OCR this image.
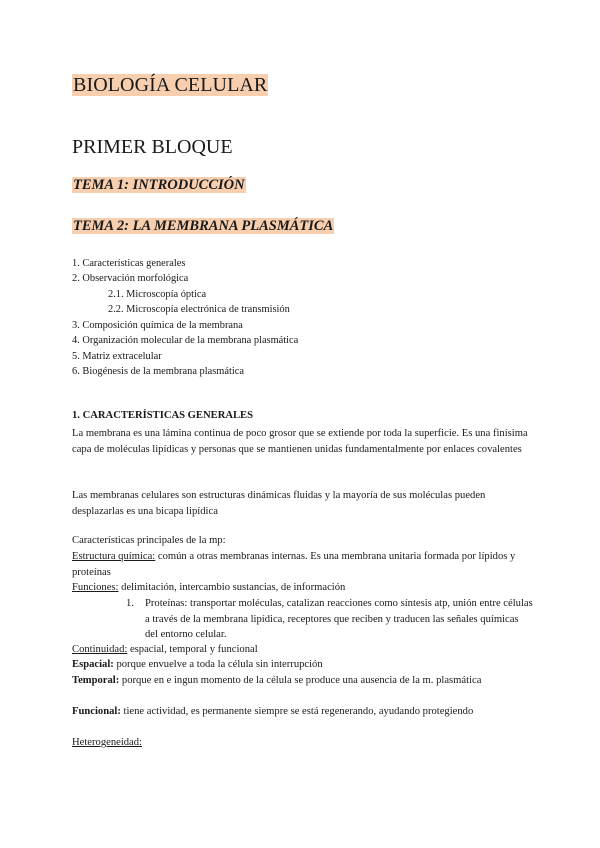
BIOLOGÍA CELULAR
PRIMER BLOQUE
TEMA 1: INTRODUCCIÓN
TEMA 2: LA MEMBRANA PLASMÁTICA
1. Características generales
2. Observación morfológica
2.1. Microscopía óptica
2.2. Microscopía electrónica de transmisión
3. Composición química de la membrana
4. Organización molecular de la membrana plasmática
5. Matriz extracelular
6. Biogénesis de la membrana plasmática
1. CARACTERÍSTICAS GENERALES
La membrana es una lámina continua de poco grosor que se extiende por toda la superficie. Es una finísima capa de moléculas lipídicas y personas que se mantienen unidas fundamentalmente por enlaces covalentes
Las membranas celulares son estructuras dinámicas fluidas y la mayoría de sus moléculas pueden desplazarlas es una bicapa lipídica
Características principales de la mp:
Estructura química: común a otras membranas internas. Es una membrana unitaria formada por lípidos y proteínas
Funciones: delimitación, intercambio sustancias, de información
1.	Proteínas: transportar moléculas, catalizan reacciones como síntesis atp, unión entre células a través de la membrana lipídica, receptores que reciben y traducen las señales químicas del entorno celular.
Continuidad: espacial, temporal y funcional
Espacial: porque envuelve a toda la célula sin interrupción
Temporal: porque en e ingun momento de la célula se produce una ausencia de la m. plasmática
Funcional: tiene actividad, es permanente siempre se está regenerando, ayudando protegiendo
Heterogeneidad:
